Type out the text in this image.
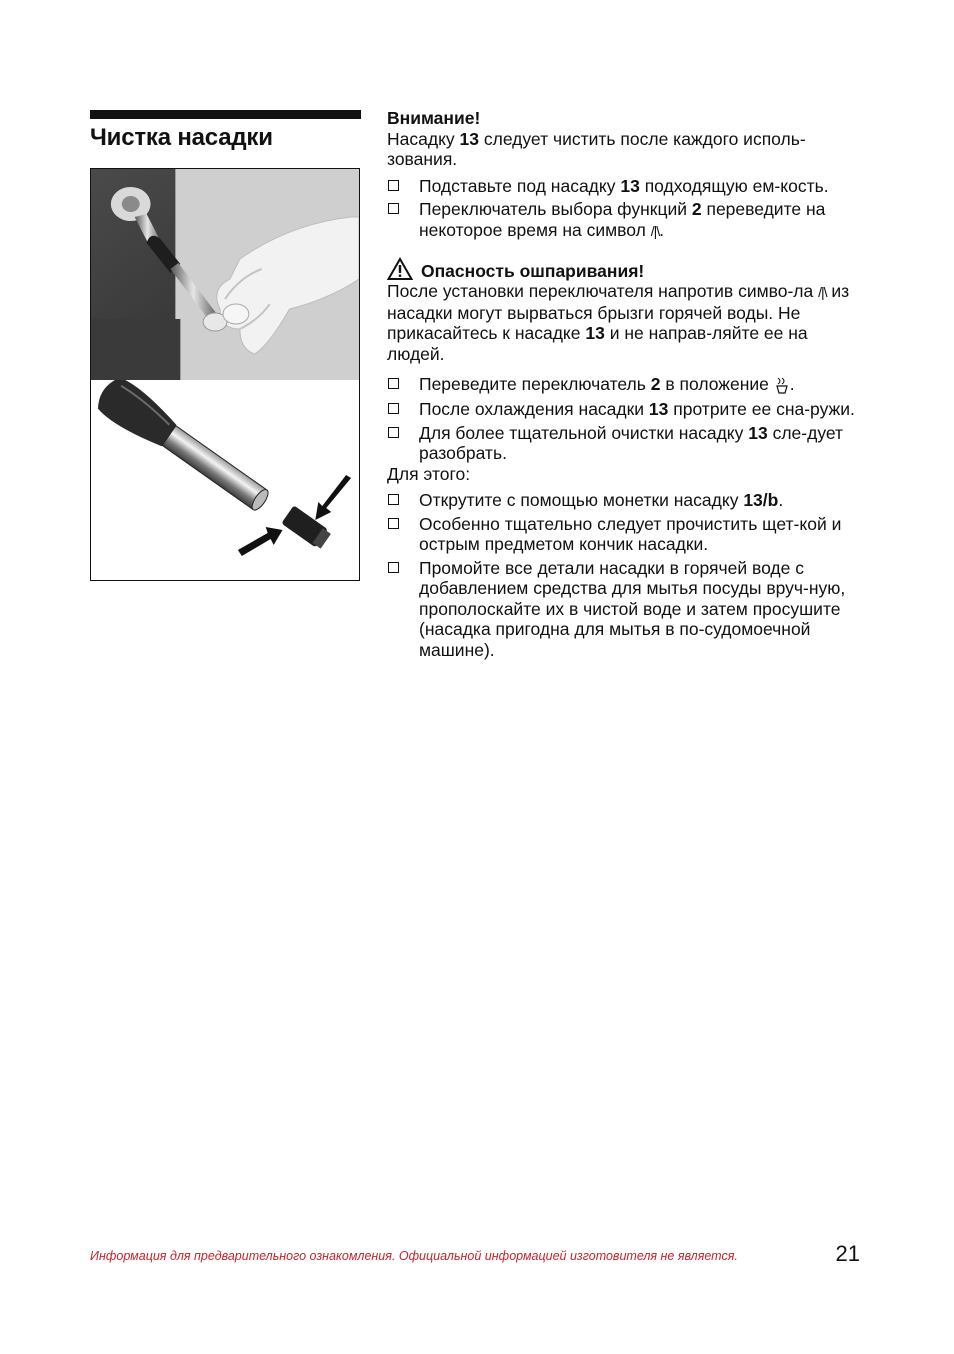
Чистка насадки

Внимание!

Насадку 13 следует чистить после каждого исполь-зования.

Подставьте под насадку 13 подходящую ем-кость.
Переключатель выбора функций 2 переведите на некоторое время на символ /|\.
Опасность ошпаривания!

После установки переключателя напротив симво-ла /|\ из насадки могут вырваться брызги горячей воды. Не прикасайтесь к насадке 13 и не направ-ляйте ее на людей.

Переведите переключатель 2 в положение .
После охлаждения насадки 13 протрите ее сна-ружи.
Для более тщательной очистки насадку 13 сле-дует разобрать.

Для этого:

Открутите с помощью монетки насадку 13/b.
Особенно тщательно следует прочистить щет-кой и острым предметом кончик насадки.
Промойте все детали насадки в горячей воде с добавлением средства для мытья посуды вруч-ную, прополоскайте их в чистой воде и затем просушите (насадка пригодна для мытья в по-судомоечной машине).
Информация для предварительного ознакомления. Официальной информацией изготовителя не является.	21
